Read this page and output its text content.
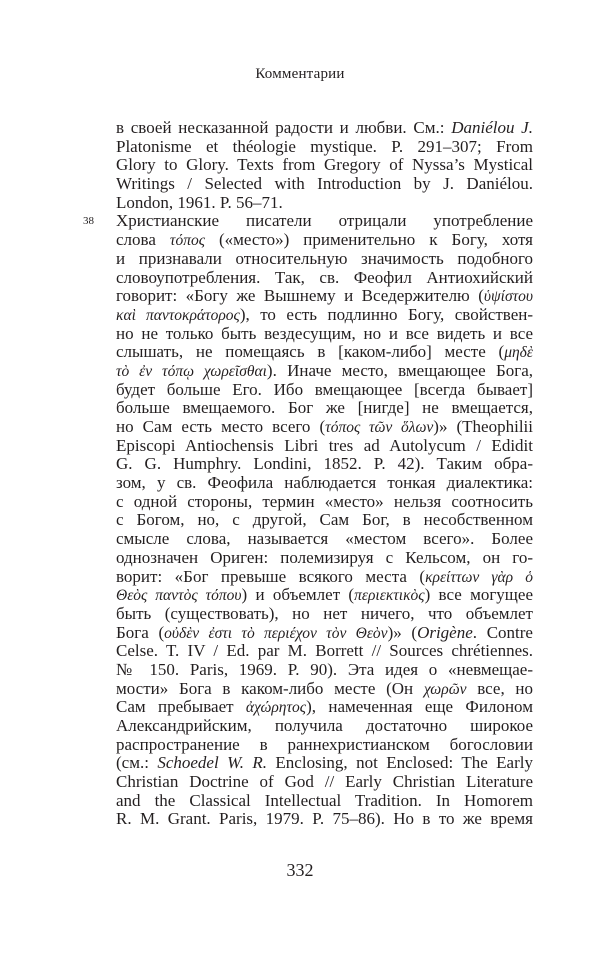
Комментарии
38
в своей несказанной радости и любви. См.: Daniélou J.
Platonisme et théologie mystique. P. 291–307; From
Glory to Glory. Texts from Gregory of Nyssa’s Mystical
Writings / Selected with Introduction by J. Daniélou.
London, 1961. P. 56–71.
Христианские писатели отрицали употребление
слова τόπος («место») применительно к Богу, хотя
и признавали относительную значимость подобного
словоупотребления. Так, св. Феофил Антиохийский
говорит: «Богу же Вышнему и Вседержителю (ὑψίστου
καὶ παντοκράτορος), то есть подлинно Богу, свойствен-
но не только быть вездесущим, но и все видеть и все
слышать, не помещаясь в [каком-либо] месте (μηδὲ
τὸ ἐν τόπῳ χωρεῖσθαι). Иначе место, вмещающее Бога,
будет больше Его. Ибо вмещающее [всегда бывает]
больше вмещаемого. Бог же [нигде] не вмещается,
но Сам есть место всего (τόπος τῶν ὅλων)» (Theophilii
Episcopi Antiochensis Libri tres ad Autolycum / Edidit
G. G. Humphry. Londini, 1852. P. 42). Таким обра-
зом, у св. Феофила наблюдается тонкая диалектика:
с одной стороны, термин «место» нельзя соотносить
с Богом, но, с другой, Сам Бог, в несобственном
смысле слова, называется «местом всего». Более
однозначен Ориген: полемизируя с Кельсом, он го-
ворит: «Бог превыше всякого места (κρείττων γὰρ ὁ
Θεὸς παντὸς τόπου) и объемлет (περιεκτικὸς) все могущее
быть (существовать), но нет ничего, что объемлет
Бога (οὐδὲν ἐστι τὸ περιέχον τὸν Θεὸν)» (Origène. Contre
Celse. T. IV / Ed. par M. Borrett // Sources chrétiennes.
№ 150. Paris, 1969. P. 90). Эта идея о «невмещае-
мости» Бога в каком-либо месте (Он χωρῶν все, но
Сам пребывает ἀχώρητος), намеченная еще Филоном
Александрийским, получила достаточно широкое
распространение в раннехристианском богословии
(см.: Schoedel W. R. Enclosing, not Enclosed: The Early
Christian Doctrine of God // Early Christian Literature
and the Classical Intellectual Tradition. In Homorem
R. M. Grant. Paris, 1979. P. 75–86). Но в то же время
332
